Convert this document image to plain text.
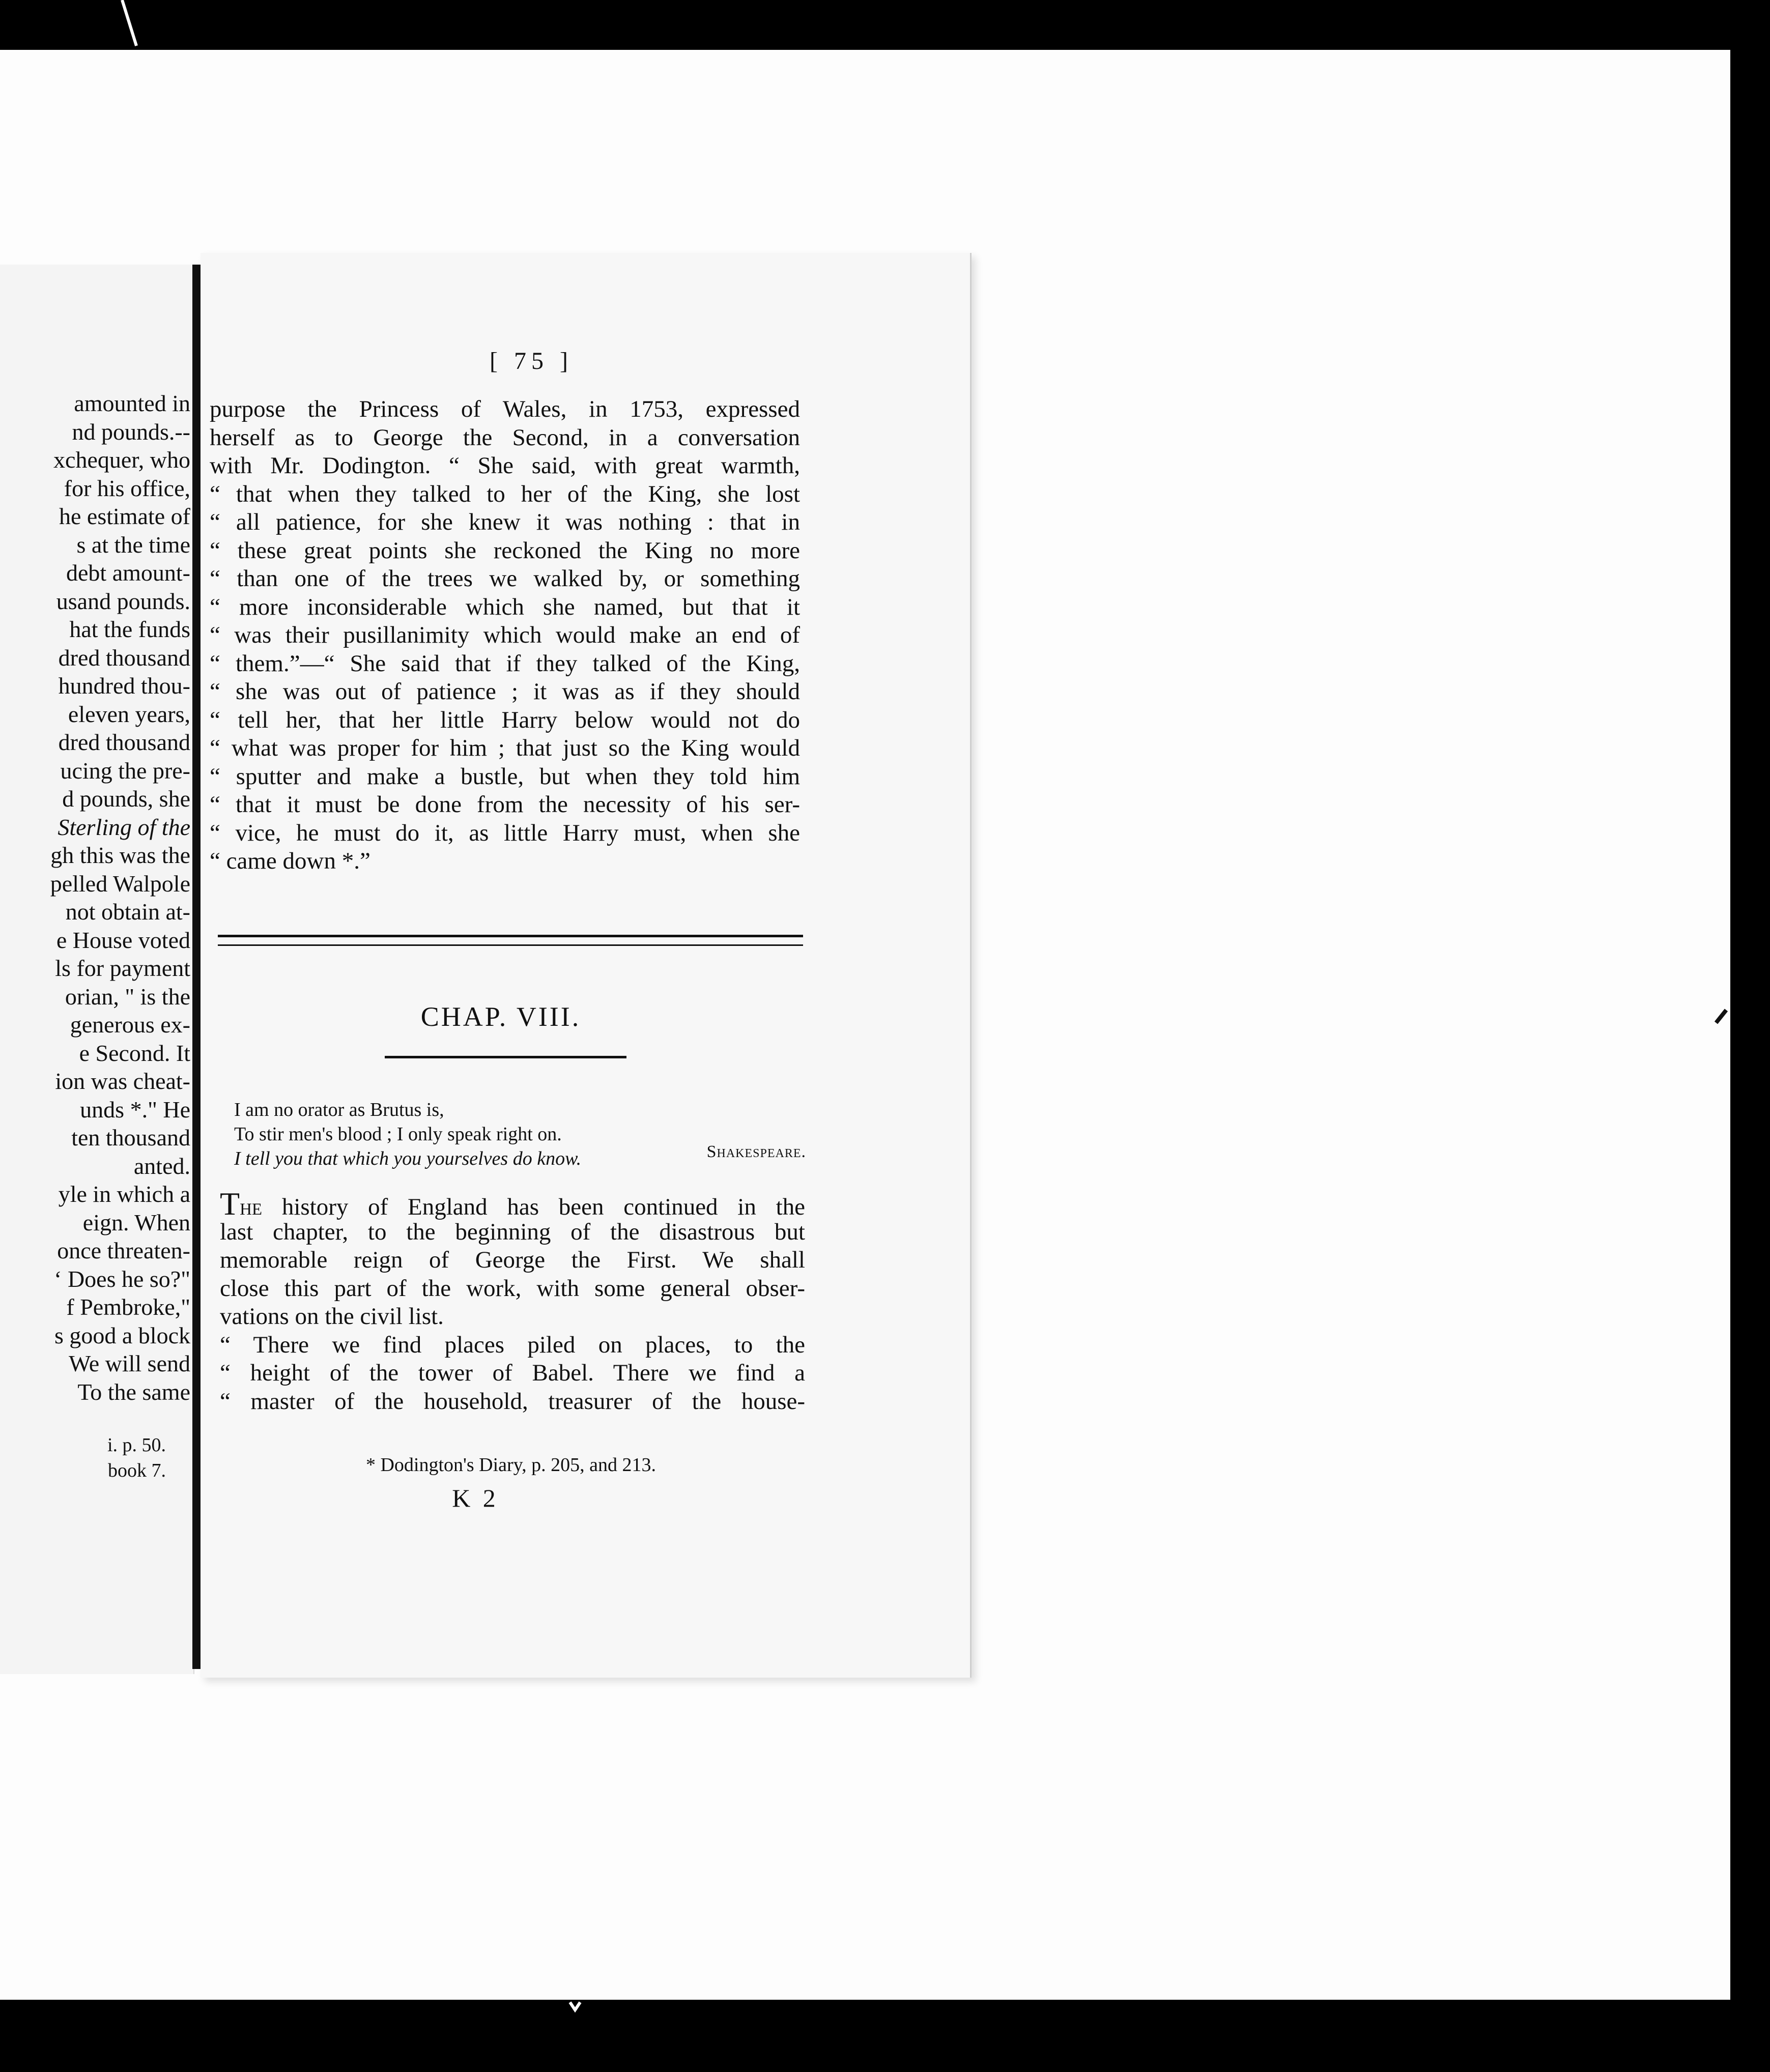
amounted in
nd pounds.--
xchequer, who
for his office,
he estimate of
s at the time
debt amount-
usand pounds.
hat the funds
dred thousand
hundred thou-
eleven years,
dred thousand
ucing the pre-
d pounds, she
Sterling of the
gh this was the
pelled Walpole
not obtain at-
e House voted
ls for payment
orian, " is the
generous ex-
e Second. It
ion was cheat-
unds *." He
ten thousand
anted.
yle in which a
eign. When
once threaten-
‘ Does he so?"
f Pembroke,"
s good a block
We will send
To the same
i. p. 50.
book 7.
[ 75 ]
purpose the Princess of Wales, in 1753, expressed
herself as to George the Second, in a conversation
with Mr. Dodington. “ She said, with great warmth,
“ that when they talked to her of the King, she lost
“ all patience, for she knew it was nothing : that in
“ these great points she reckoned the King no more
“ than one of the trees we walked by, or something
“ more inconsiderable which she named, but that it
“ was their pusillanimity which would make an end of
“ them.”—“ She said that if they talked of the King,
“ she was out of patience ; it was as if they should
“ tell her, that her little Harry below would not do
“ what was proper for him ; that just so the King would
“ sputter and make a bustle, but when they told him
“ that it must be done from the necessity of his ser-
“ vice, he must do it, as little Harry must, when she
“ came down *.”
CHAP. VIII.
I am no orator as Brutus is,
To stir men's blood ; I only speak right on.
I tell you that which you yourselves do know.	Shakespeare.
The history of England has been continued in the
last chapter, to the beginning of the disastrous but
memorable reign of George the First. We shall
close this part of the work, with some general obser-
vations on the civil list.
“ There we find places piled on places, to the
“ height of the tower of Babel. There we find a
“ master of the household, treasurer of the house-
* Dodington's Diary, p. 205, and 213.
K 2
